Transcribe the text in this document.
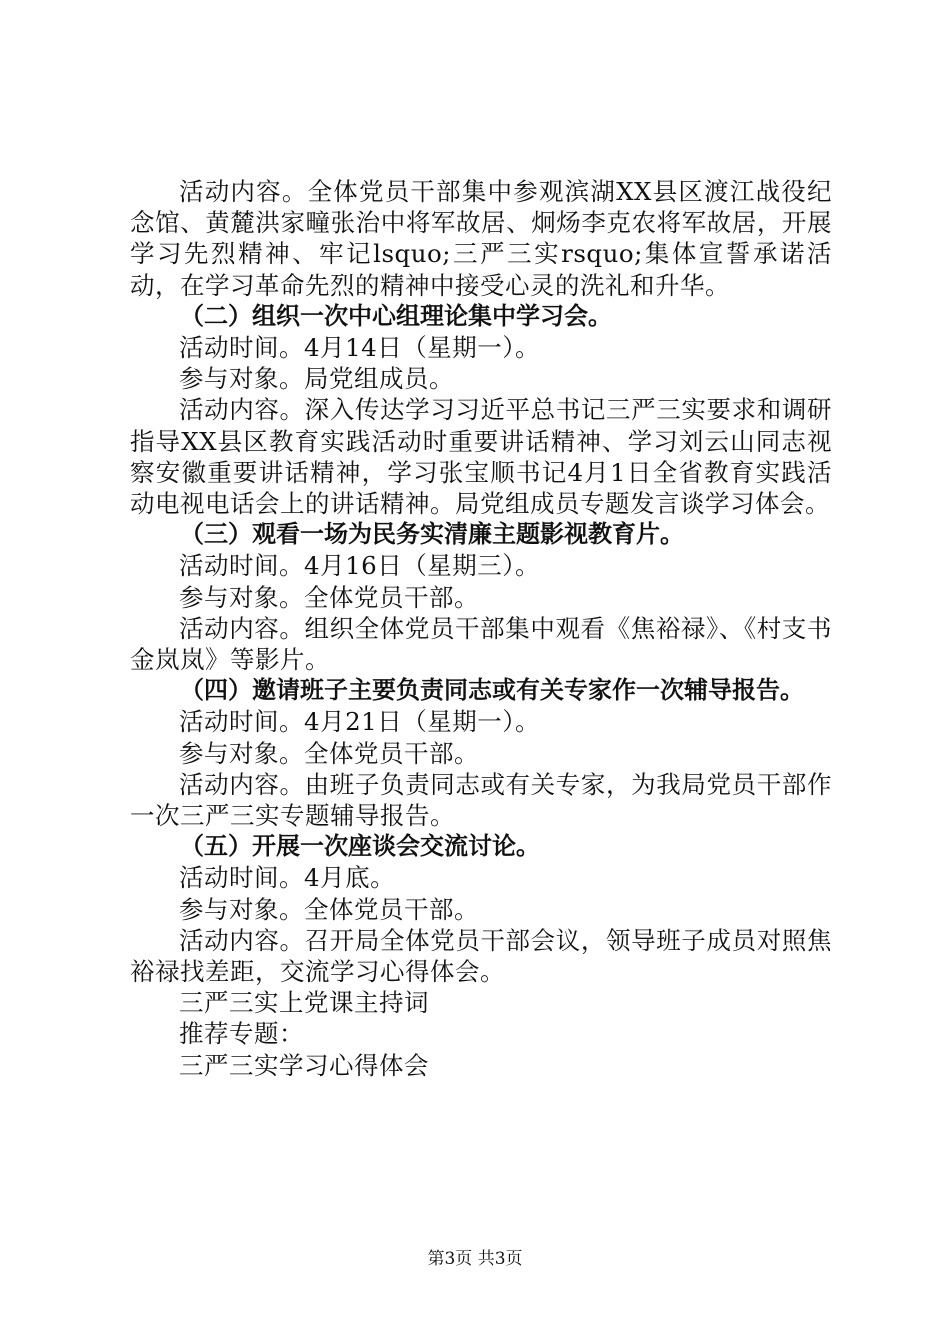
活动内容。全体党员干部集中参观滨湖XX县区渡江战役纪念馆、黄麓洪家疃张治中将军故居、炯炀李克农将军故居，开展学习先烈精神、牢记lsquo;三严三实rsquo;集体宣誓承诺活动，在学习革命先烈的精神中接受心灵的洗礼和升华。

（二）组织一次中心组理论集中学习会。

活动时间。4月14日（星期一）。

参与对象。局党组成员。

活动内容。深入传达学习习近平总书记三严三实要求和调研指导XX县区教育实践活动时重要讲话精神、学习刘云山同志视察安徽重要讲话精神，学习张宝顺书记4月1日全省教育实践活动电视电话会上的讲话精神。局党组成员专题发言谈学习体会。

（三）观看一场为民务实清廉主题影视教育片。

活动时间。4月16日（星期三）。

参与对象。全体党员干部。

活动内容。组织全体党员干部集中观看《焦裕禄》、《村支书金岚岚》等影片。

（四）邀请班子主要负责同志或有关专家作一次辅导报告。

活动时间。4月21日（星期一）。

参与对象。全体党员干部。

活动内容。由班子负责同志或有关专家，为我局党员干部作一次三严三实专题辅导报告。

（五）开展一次座谈会交流讨论。

活动时间。4月底。

参与对象。全体党员干部。

活动内容。召开局全体党员干部会议，领导班子成员对照焦裕禄找差距，交流学习心得体会。

三严三实上党课主持词

推荐专题：

三严三实学习心得体会

第3页 共3页
